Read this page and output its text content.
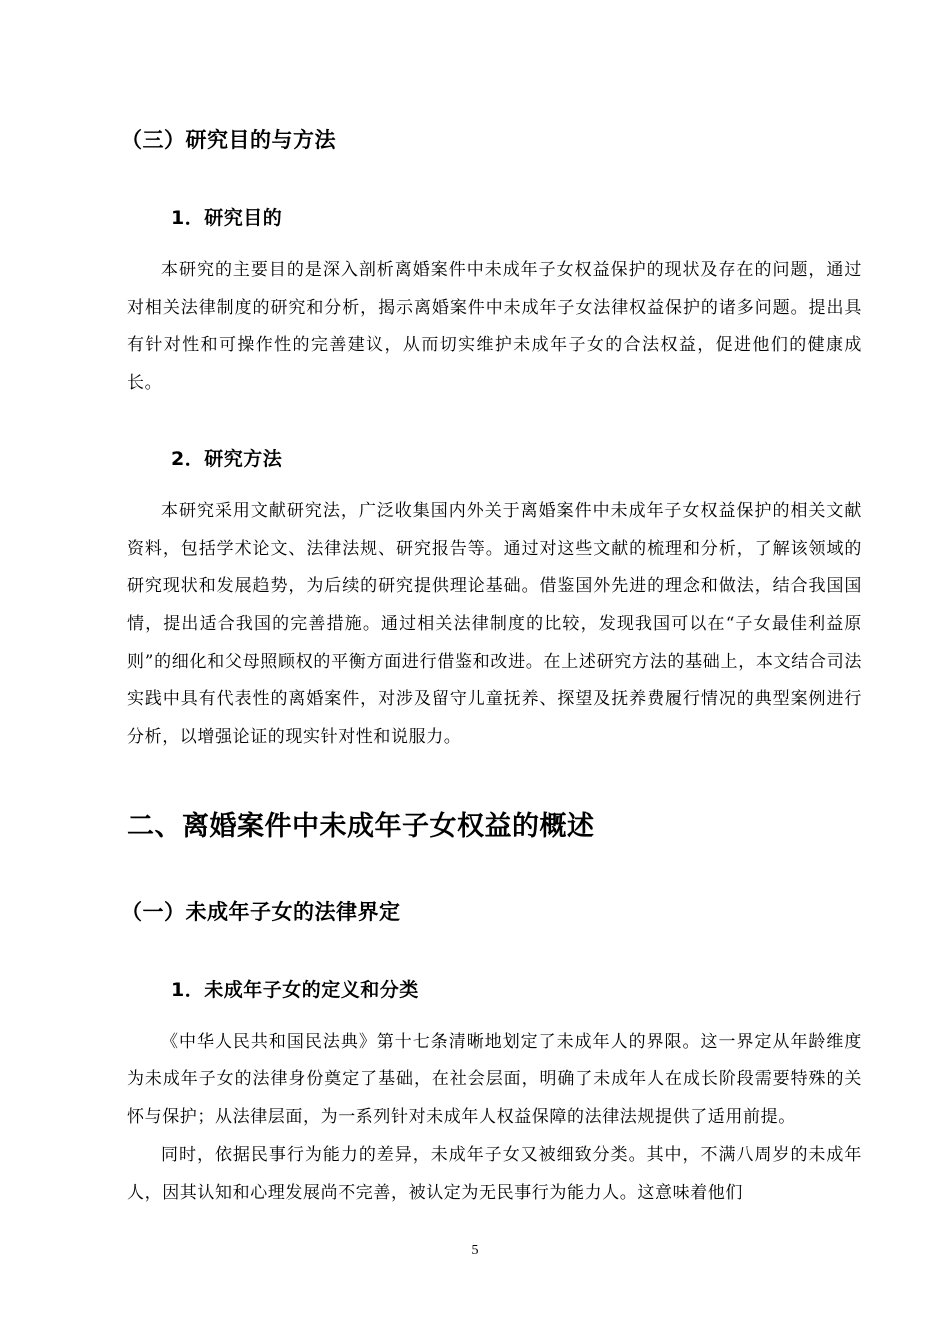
（三）研究目的与方法
1．研究目的

本研究的主要目的是深入剖析离婚案件中未成年子女权益保护的现状及存在的问题，通过对相关法律制度的研究和分析，揭示离婚案件中未成年子女法律权益保护的诸多问题。提出具有针对性和可操作性的完善建议，从而切实维护未成年子女的合法权益，促进他们的健康成长。

2．研究方法

本研究采用文献研究法，广泛收集国内外关于离婚案件中未成年子女权益保护的相关文献资料，包括学术论文、法律法规、研究报告等。通过对这些文献的梳理和分析，了解该领域的研究现状和发展趋势，为后续的研究提供理论基础。借鉴国外先进的理念和做法，结合我国国情，提出适合我国的完善措施。通过相关法律制度的比较，发现我国可以在“子女最佳利益原则”的细化和父母照顾权的平衡方面进行借鉴和改进。在上述研究方法的基础上，本文结合司法实践中具有代表性的离婚案件，对涉及留守儿童抚养、探望及抚养费履行情况的典型案例进行分析，以增强论证的现实针对性和说服力。

二、离婚案件中未成年子女权益的概述
（一）未成年子女的法律界定
1．未成年子女的定义和分类

《中华人民共和国民法典》第十七条清晰地划定了未成年人的界限。这一界定从年龄维度为未成年子女的法律身份奠定了基础，在社会层面，明确了未成年人在成长阶段需要特殊的关怀与保护；从法律层面，为一系列针对未成年人权益保障的法律法规提供了适用前提。

同时，依据民事行为能力的差异，未成年子女又被细致分类。其中，不满八周岁的未成年人，因其认知和心理发展尚不完善，被认定为无民事行为能力人。这意味着他们

5
